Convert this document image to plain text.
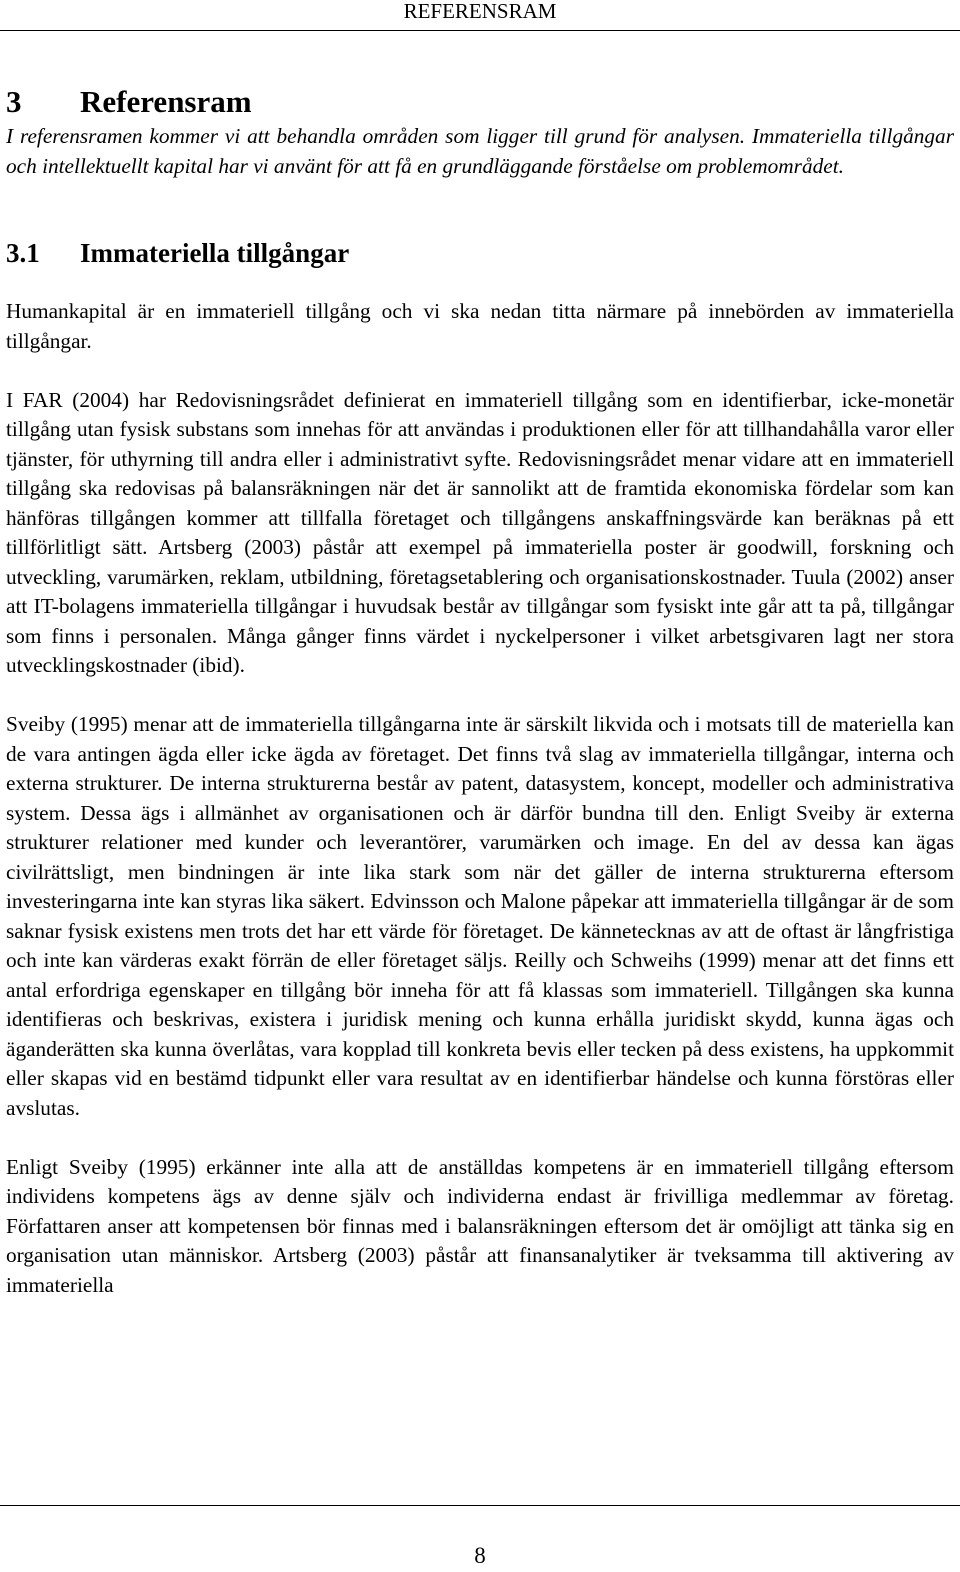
REFERENSRAM
3 Referensram

I referensramen kommer vi att behandla områden som ligger till grund för analysen. Immateriella tillgångar och intellektuellt kapital har vi använt för att få en grundläggande förståelse om problemområdet.

3.1 Immateriella tillgångar

Humankapital är en immateriell tillgång och vi ska nedan titta närmare på innebörden av immateriella tillgångar.

I FAR (2004) har Redovisningsrådet definierat en immateriell tillgång som en identifierbar, icke-monetär tillgång utan fysisk substans som innehas för att användas i produktionen eller för att tillhandahålla varor eller tjänster, för uthyrning till andra eller i administrativt syfte. Redovisningsrådet menar vidare att en immateriell tillgång ska redovisas på balansräkningen när det är sannolikt att de framtida ekonomiska fördelar som kan hänföras tillgången kommer att tillfalla företaget och tillgångens anskaffningsvärde kan beräknas på ett tillförlitligt sätt. Artsberg (2003) påstår att exempel på immateriella poster är goodwill, forskning och utveckling, varumärken, reklam, utbildning, företagsetablering och organisationskostnader. Tuula (2002) anser att IT-bolagens immateriella tillgångar i huvudsak består av tillgångar som fysiskt inte går att ta på, tillgångar som finns i personalen. Många gånger finns värdet i nyckelpersoner i vilket arbetsgivaren lagt ner stora utvecklingskostnader (ibid).

Sveiby (1995) menar att de immateriella tillgångarna inte är särskilt likvida och i motsats till de materiella kan de vara antingen ägda eller icke ägda av företaget. Det finns två slag av immateriella tillgångar, interna och externa strukturer. De interna strukturerna består av patent, datasystem, koncept, modeller och administrativa system. Dessa ägs i allmänhet av organisationen och är därför bundna till den. Enligt Sveiby är externa strukturer relationer med kunder och leverantörer, varumärken och image. En del av dessa kan ägas civilrättsligt, men bindningen är inte lika stark som när det gäller de interna strukturerna eftersom investeringarna inte kan styras lika säkert. Edvinsson och Malone påpekar att immateriella tillgångar är de som saknar fysisk existens men trots det har ett värde för företaget. De kännetecknas av att de oftast är långfristiga och inte kan värderas exakt förrän de eller företaget säljs. Reilly och Schweihs (1999) menar att det finns ett antal erfordriga egenskaper en tillgång bör inneha för att få klassas som immateriell. Tillgången ska kunna identifieras och beskrivas, existera i juridisk mening och kunna erhålla juridiskt skydd, kunna ägas och äganderätten ska kunna överlåtas, vara kopplad till konkreta bevis eller tecken på dess existens, ha uppkommit eller skapas vid en bestämd tidpunkt eller vara resultat av en identifierbar händelse och kunna förstöras eller avslutas.

Enligt Sveiby (1995) erkänner inte alla att de anställdas kompetens är en immateriell tillgång eftersom individens kompetens ägs av denne själv och individerna endast är frivilliga medlemmar av företag. Författaren anser att kompetensen bör finnas med i balansräkningen eftersom det är omöjligt att tänka sig en organisation utan människor. Artsberg (2003) påstår att finansanalytiker är tveksamma till aktivering av immateriella

8
